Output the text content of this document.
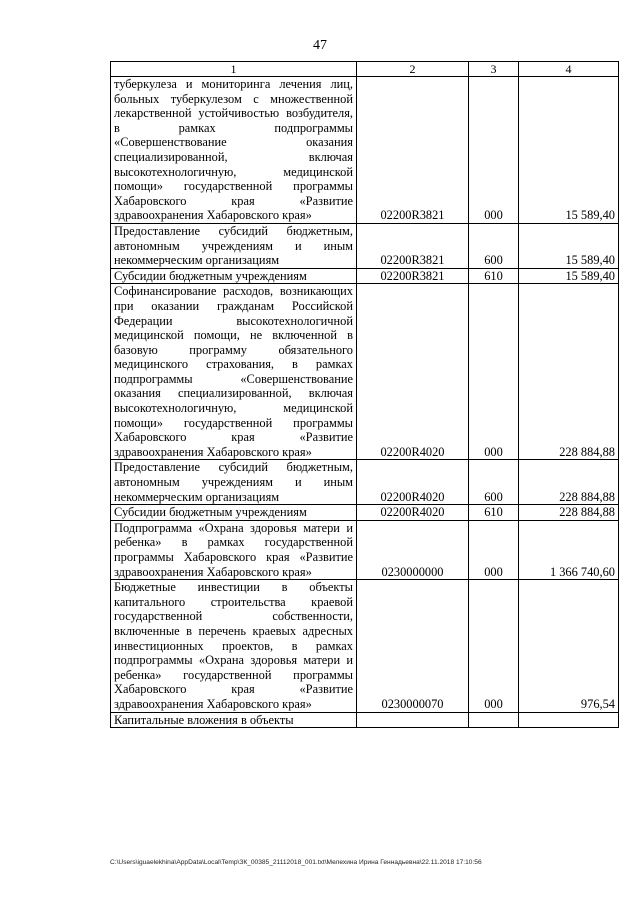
47
1	2	3	4
туберкулеза и мониторинга лечения лиц, больных туберкулезом с множественной лекарственной устойчивостью возбудителя, в рамках подпрограммы «Совершенствование оказания специализированной, включая высокотехнологичную, медицинской помощи» государственной программы Хабаровского края «Развитие здравоохранения Хабаровского края»	02200R3821	000	15 589,40
Предоставление субсидий бюджетным, автономным учреждениям и иным некоммерческим организациям	02200R3821	600	15 589,40
Субсидии бюджетным учреждениям	02200R3821	610	15 589,40
Софинансирование расходов, возникающих при оказании гражданам Российской Федерации высокотехнологичной медицинской помощи, не включенной в базовую программу обязательного медицинского страхования, в рамках подпрограммы «Совершенствование оказания специализированной, включая высокотехнологичную, медицинской помощи» государственной программы Хабаровского края «Развитие здравоохранения Хабаровского края»	02200R4020	000	228 884,88
Предоставление субсидий бюджетным, автономным учреждениям и иным некоммерческим организациям	02200R4020	600	228 884,88
Субсидии бюджетным учреждениям	02200R4020	610	228 884,88
Подпрограмма «Охрана здоровья матери и ребенка» в рамках государственной программы Хабаровского края «Развитие здравоохранения Хабаровского края»	0230000000	000	1 366 740,60
Бюджетные инвестиции в объекты капитального строительства краевой государственной собственности, включенные в перечень краевых адресных инвестиционных проектов, в рамках подпрограммы «Охрана здоровья матери и ребенка» государственной программы Хабаровского края «Развитие здравоохранения Хабаровского края»	0230000070	000	976,54
Капитальные вложения в объекты			
C:\Users\iguaelekhina\AppData\Local\Temp\ЗК_00385_21112018_001.txt\Мелехина Ирина Геннадьевна\22.11.2018 17:10:56
